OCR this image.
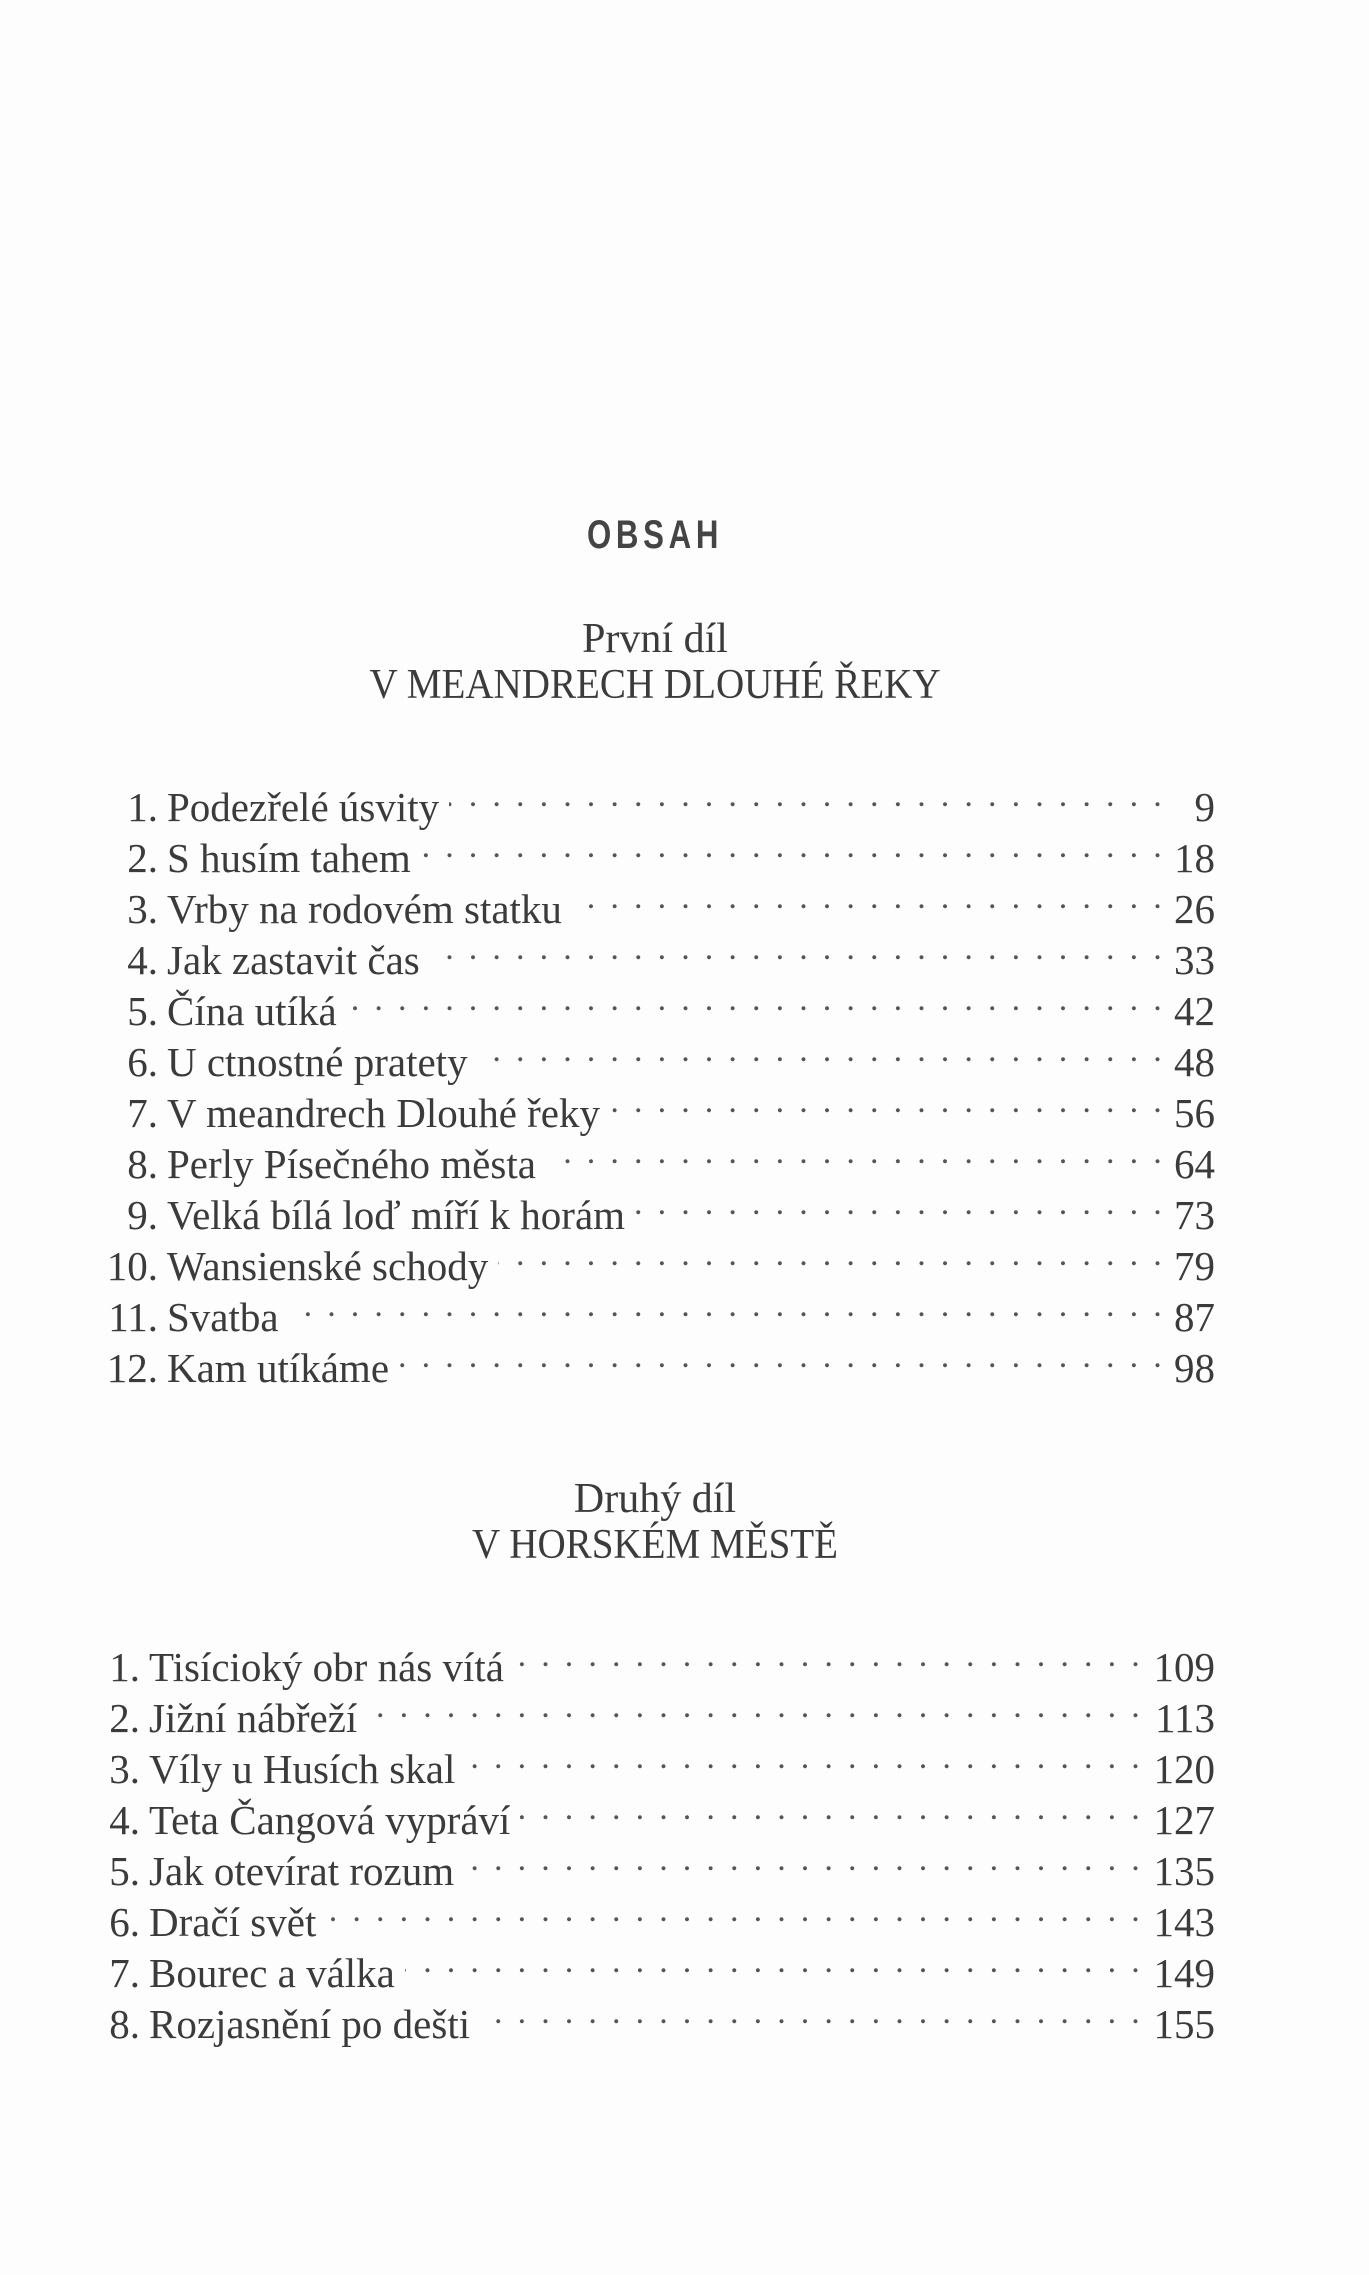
OBSAH
První díl
V MEANDRECH DLOUHÉ ŘEKY
1. Podezřelé úsvity . . .	9
2. S husím tahem . . .	18
3. Vrby na rodovém statku . . .	26
4. Jak zastavit čas . . .	33
5. Čína utíká . . .	42
6. U ctnostné pratety . . .	48
7. V meandrech Dlouhé řeky . . .	56
8. Perly Písečného města . . .	64
9. Velká bílá loď míří k horám . . .	73
10. Wansienské schody . . .	79
11. Svatba . . .	87
12. Kam utíkáme . . .	98
Druhý díl
V HORSKÉM MĚSTĚ
1. Tisícioký obr nás vítá . . .	109
2. Jižní nábřeží . . .	113
3. Víly u Husích skal . . .	120
4. Teta Čangová vypráví . . .	127
5. Jak otevírat rozum . . .	135
6. Dračí svět . . .	143
7. Bourec a válka . . .	149
8. Rozjasnění po dešti . . .	155
